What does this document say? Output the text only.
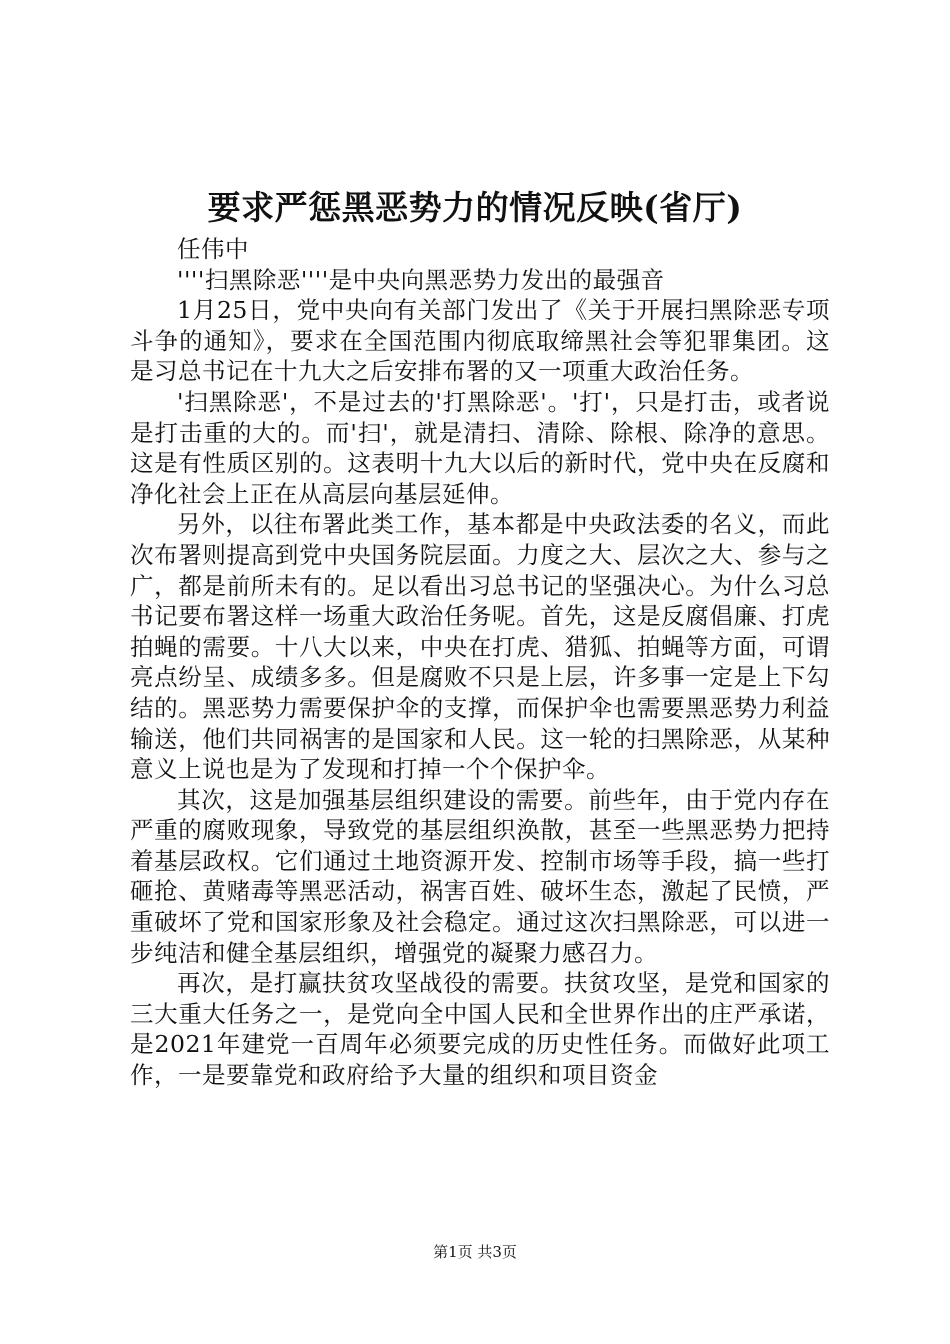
要求严惩黑恶势力的情况反映(省厅)

任伟中

''''扫黑除恶''''是中央向黑恶势力发出的最强音

1月25日，党中央向有关部门发出了《关于开展扫黑除恶专项斗争的通知》，要求在全国范围内彻底取缔黑社会等犯罪集团。这是习总书记在十九大之后安排布署的又一项重大政治任务。

'扫黑除恶'，不是过去的'打黑除恶'。'打'，只是打击，或者说是打击重的大的。而'扫'，就是清扫、清除、除根、除净的意思。这是有性质区别的。这表明十九大以后的新时代，党中央在反腐和净化社会上正在从高层向基层延伸。

另外，以往布署此类工作，基本都是中央政法委的名义，而此次布署则提高到党中央国务院层面。力度之大、层次之大、参与之广，都是前所未有的。足以看出习总书记的坚强决心。为什么习总书记要布署这样一场重大政治任务呢。首先，这是反腐倡廉、打虎拍蝇的需要。十八大以来，中央在打虎、猎狐、拍蝇等方面，可谓亮点纷呈、成绩多多。但是腐败不只是上层，许多事一定是上下勾结的。黑恶势力需要保护伞的支撑，而保护伞也需要黑恶势力利益输送，他们共同祸害的是国家和人民。这一轮的扫黑除恶，从某种意义上说也是为了发现和打掉一个个保护伞。

其次，这是加强基层组织建设的需要。前些年，由于党内存在严重的腐败现象，导致党的基层组织涣散，甚至一些黑恶势力把持着基层政权。它们通过土地资源开发、控制市场等手段，搞一些打砸抢、黄赌毒等黑恶活动，祸害百姓、破坏生态，激起了民愤，严重破坏了党和国家形象及社会稳定。通过这次扫黑除恶，可以进一步纯洁和健全基层组织，增强党的凝聚力感召力。

再次，是打赢扶贫攻坚战役的需要。扶贫攻坚，是党和国家的三大重大任务之一，是党向全中国人民和全世界作出的庄严承诺，是2021年建党一百周年必须要完成的历史性任务。而做好此项工作，一是要靠党和政府给予大量的组织和项目资金

第1页 共3页
